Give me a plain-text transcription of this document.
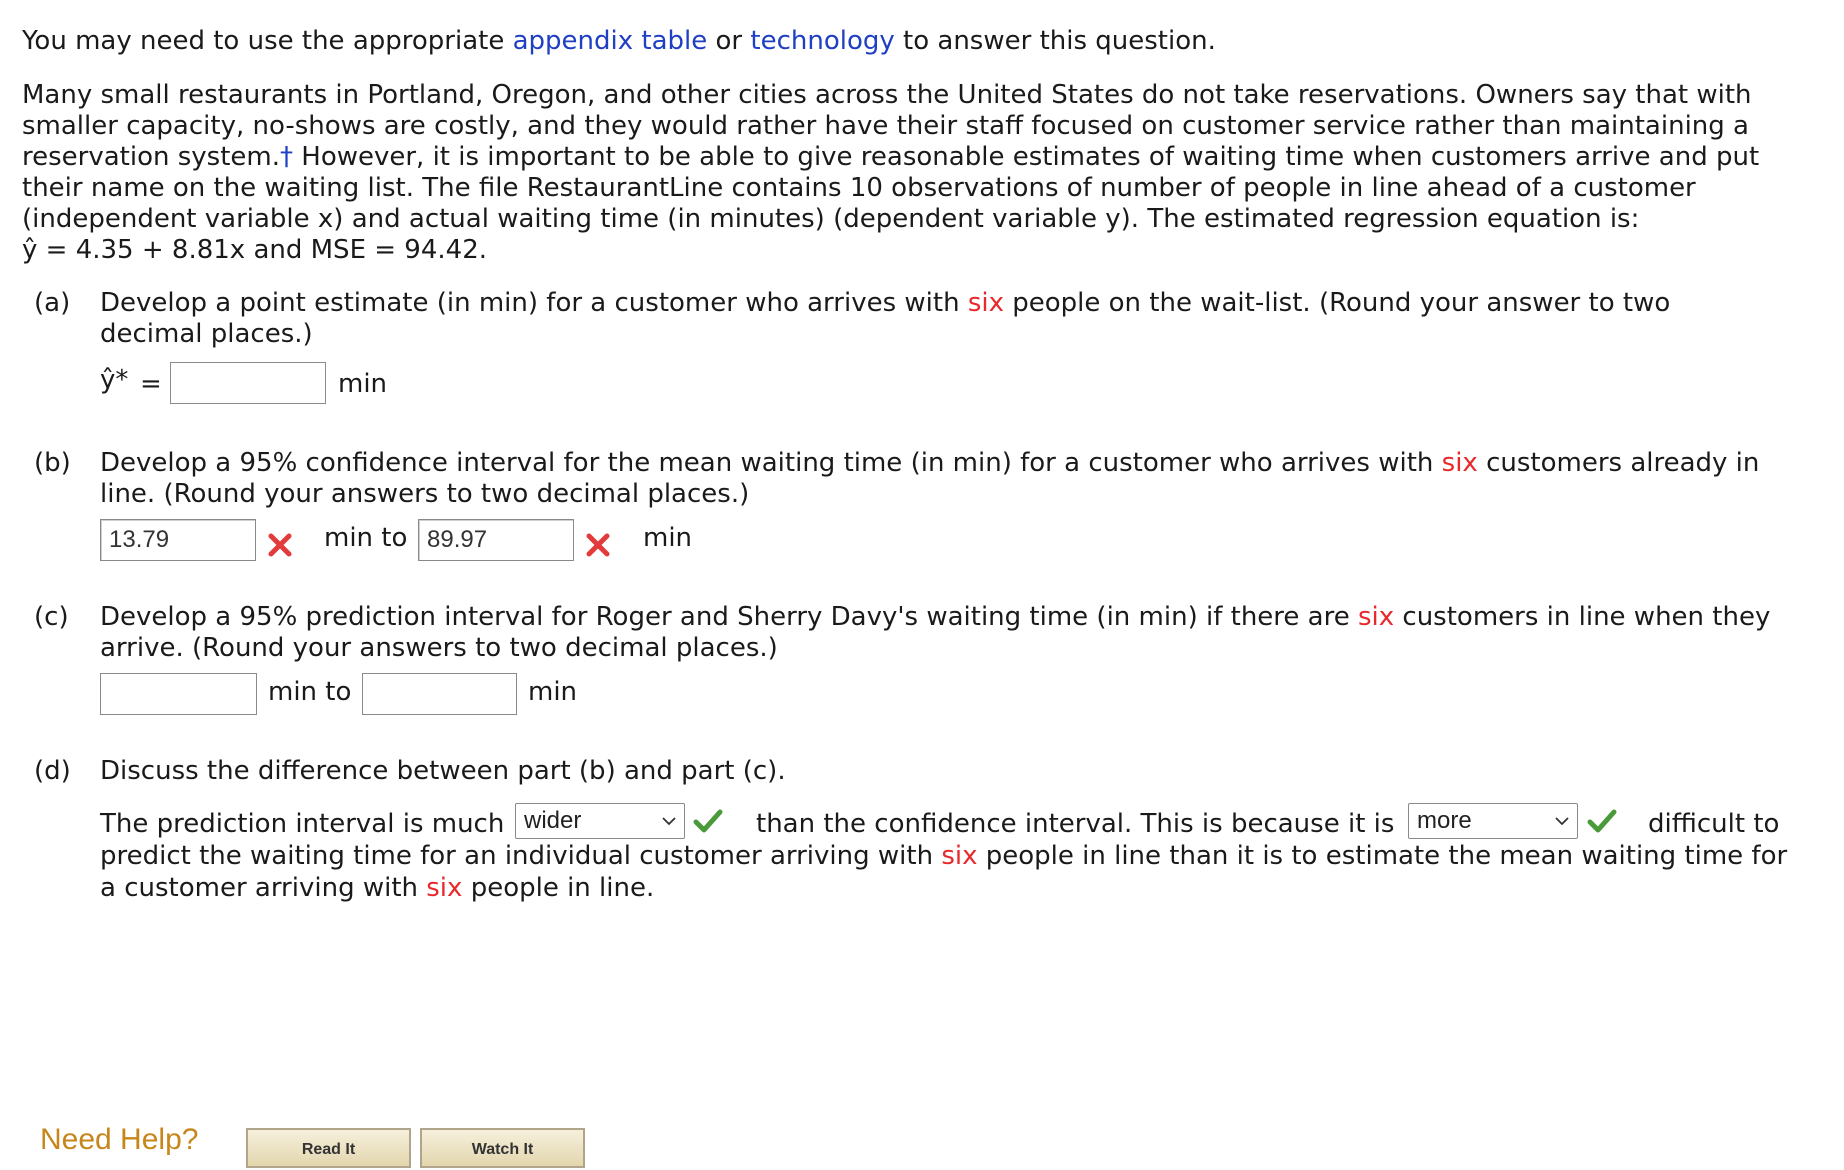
You may need to use the appropriate appendix table or technology to answer this question.
Many small restaurants in Portland, Oregon, and other cities across the United States do not take reservations. Owners say that with
smaller capacity, no-shows are costly, and they would rather have their staff focused on customer service rather than maintaining a
reservation system.† However, it is important to be able to give reasonable estimates of waiting time when customers arrive and put
their name on the waiting list. The file RestaurantLine contains 10 observations of number of people in line ahead of a customer
(independent variable x) and actual waiting time (in minutes) (dependent variable y). The estimated regression equation is:
ŷ = 4.35 + 8.81x and MSE = 94.42.
(a) Develop a point estimate (in min) for a customer who arrives with six people on the wait-list. (Round your answer to two
decimal places.)
ŷ* =	min
(b) Develop a 95% confidence interval for the mean waiting time (in min) for a customer who arrives with six customers already in
line. (Round your answers to two decimal places.)
13.79	min to 89.97	min
(c) Develop a 95% prediction interval for Roger and Sherry Davy's waiting time (in min) if there are six customers in line when they
arrive. (Round your answers to two decimal places.)
min to	min
(d) Discuss the difference between part (b) and part (c).
The prediction interval is much wider	than the confidence interval. This is because it is more	difficult to
predict the waiting time for an individual customer arriving with six people in line than it is to estimate the mean waiting time for
a customer arriving with six people in line.
Need Help?	Read It	Watch It
